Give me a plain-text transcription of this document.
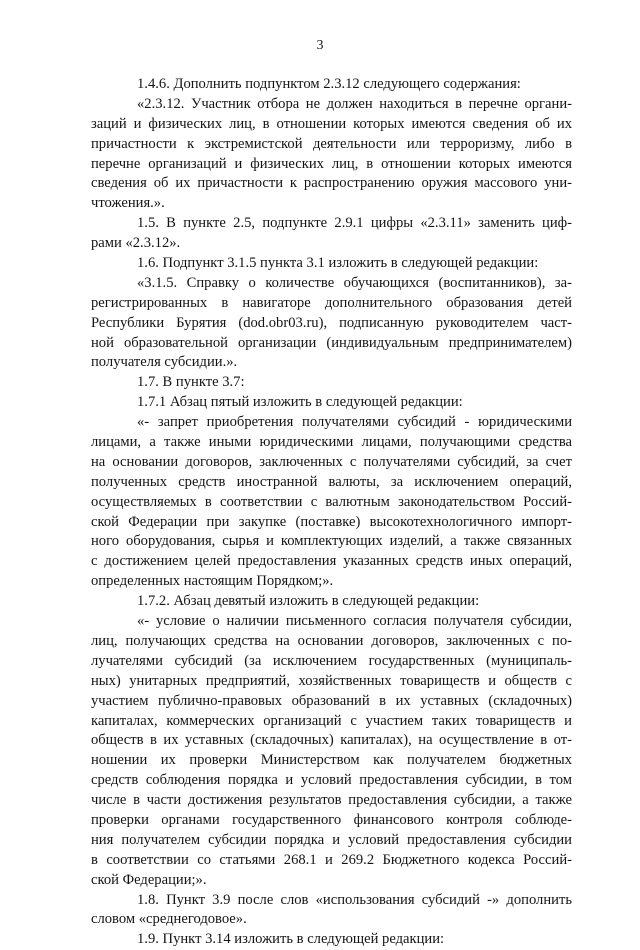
3
1.4.6. Дополнить подпунктом 2.3.12 следующего содержания:
«2.3.12. Участник отбора не должен находиться в перечне органи-
заций и физических лиц, в отношении которых имеются сведения об их
причастности к экстремистской деятельности или терроризму, либо в
перечне организаций и физических лиц, в отношении которых имеются
сведения об их причастности к распространению оружия массового уни-
чтожения.».
1.5. В пункте 2.5, подпункте 2.9.1 цифры «2.3.11» заменить циф-
рами «2.3.12».
1.6. Подпункт 3.1.5 пункта 3.1 изложить в следующей редакции:
«3.1.5. Справку о количестве обучающихся (воспитанников), за-
регистрированных в навигаторе дополнительного образования детей
Республики Бурятия (dod.obr03.ru), подписанную руководителем част-
ной образовательной организации (индивидуальным предпринимателем)
получателя субсидии.».
1.7. В пункте 3.7:
1.7.1 Абзац пятый изложить в следующей редакции:
«- запрет приобретения получателями субсидий - юридическими
лицами, а также иными юридическими лицами, получающими средства
на основании договоров, заключенных с получателями субсидий, за счет
полученных средств иностранной валюты, за исключением операций,
осуществляемых в соответствии с валютным законодательством Россий-
ской Федерации при закупке (поставке) высокотехнологичного импорт-
ного оборудования, сырья и комплектующих изделий, а также связанных
с достижением целей предоставления указанных средств иных операций,
определенных настоящим Порядком;».
1.7.2. Абзац девятый изложить в следующей редакции:
«- условие о наличии письменного согласия получателя субсидии,
лиц, получающих средства на основании договоров, заключенных с по-
лучателями субсидий (за исключением государственных (муниципаль-
ных) унитарных предприятий, хозяйственных товариществ и обществ с
участием публично-правовых образований в их уставных (складочных)
капиталах, коммерческих организаций с участием таких товариществ и
обществ в их уставных (складочных) капиталах), на осуществление в от-
ношении их проверки Министерством как получателем бюджетных
средств соблюдения порядка и условий предоставления субсидии, в том
числе в части достижения результатов предоставления субсидии, а также
проверки органами государственного финансового контроля соблюде-
ния получателем субсидии порядка и условий предоставления субсидии
в соответствии со статьями 268.1 и 269.2 Бюджетного кодекса Россий-
ской Федерации;».
1.8. Пункт 3.9 после слов «использования субсидий -» дополнить
словом «среднегодовое».
1.9. Пункт 3.14 изложить в следующей редакции:
